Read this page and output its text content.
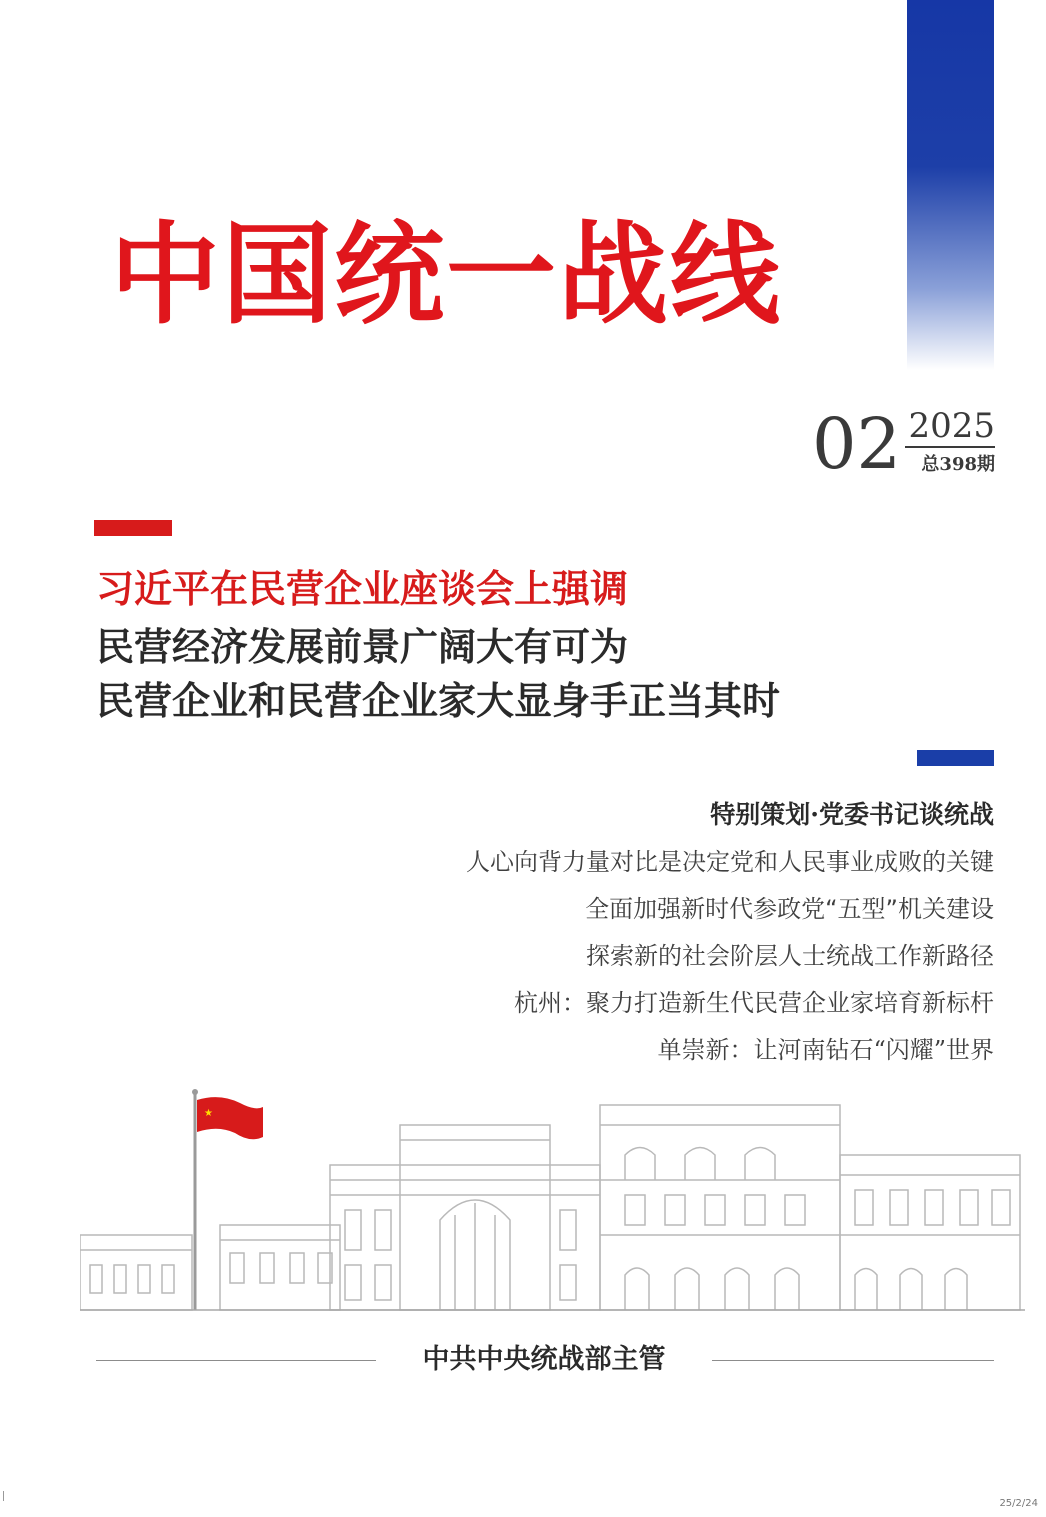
中国统一战线
02 2025
总398期
习近平在民营企业座谈会上强调
民营经济发展前景广阔大有可为
民营企业和民营企业家大显身手正当其时
特别策划·党委书记谈统战
人心向背力量对比是决定党和人民事业成败的关键
全面加强新时代参政党“五型”机关建设
探索新的社会阶层人士统战工作新路径
杭州：聚力打造新生代民营企业家培育新标杆
单崇新：让河南钻石“闪耀”世界
★
中共中央统战部主管
25/2/24
